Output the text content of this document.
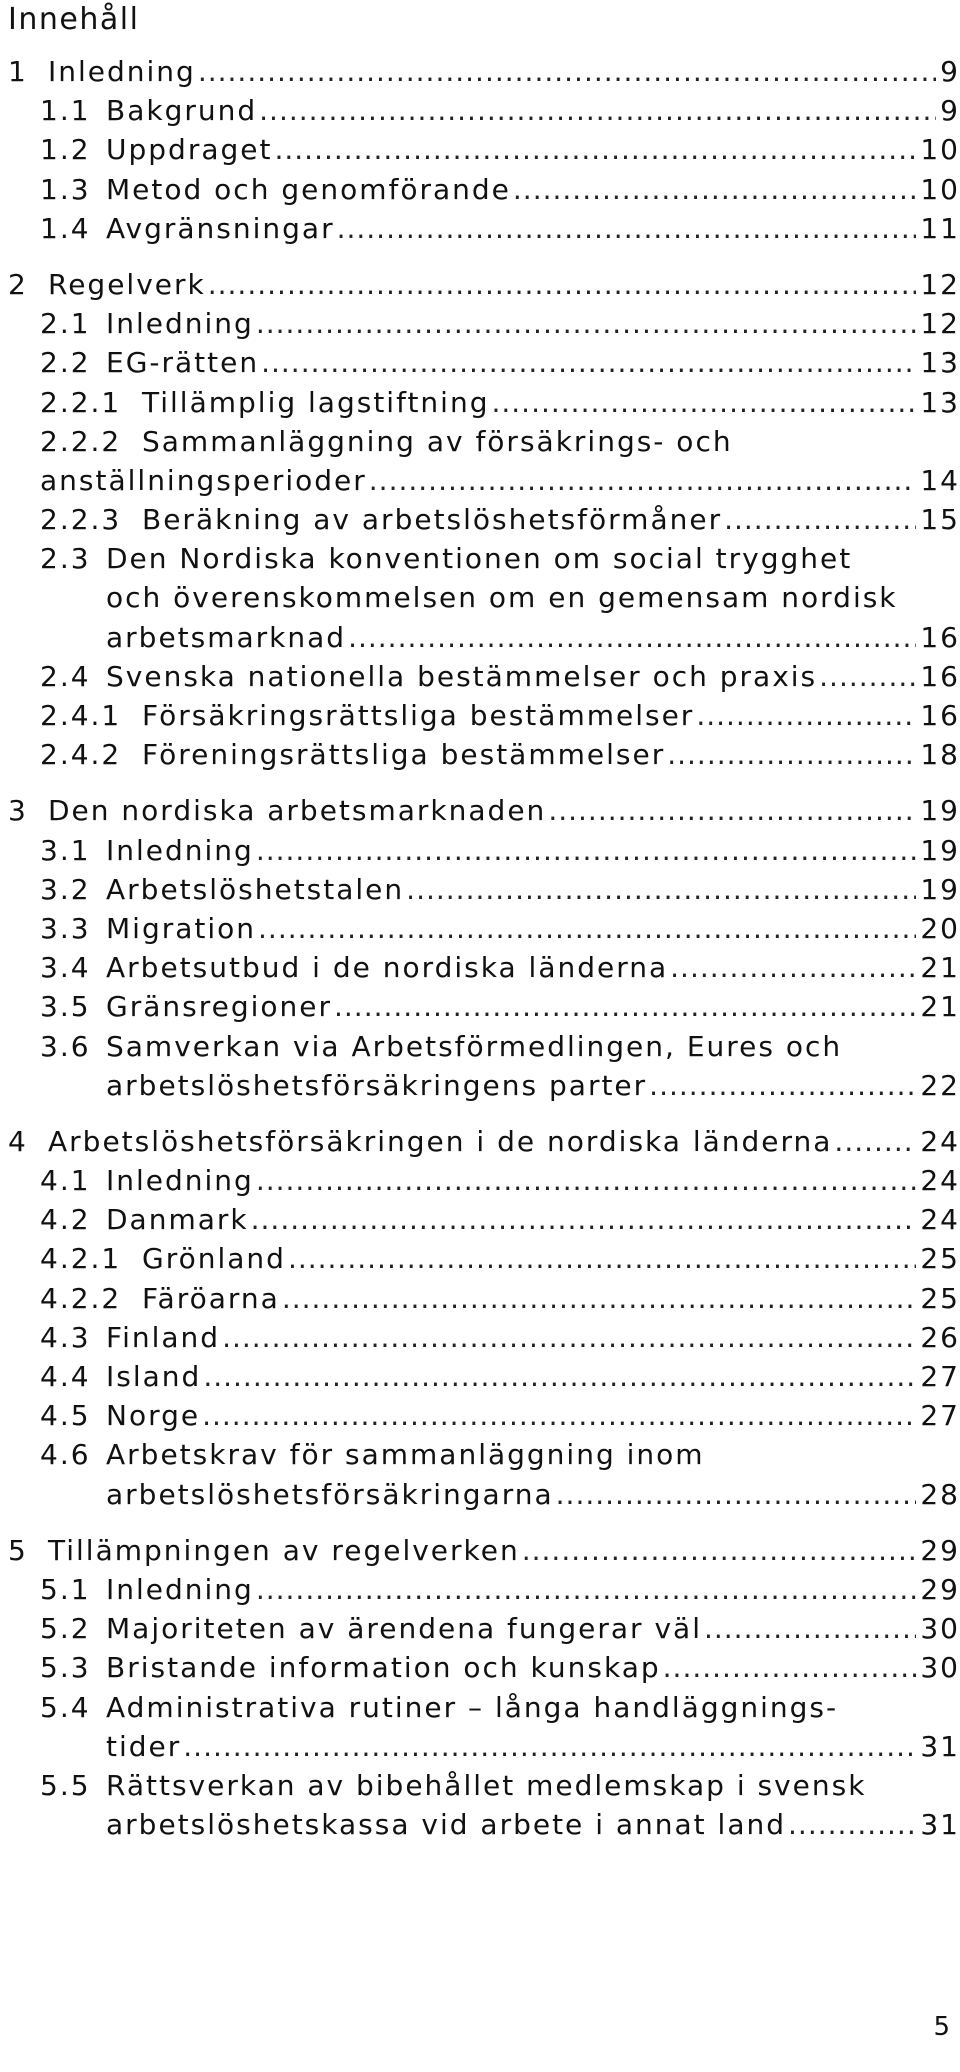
Innehåll
1 Inledning .....	9
1.1 Bakgrund .....	9
1.2 Uppdraget .....	10
1.3 Metod och genomförande .....	10
1.4 Avgränsningar .....	11
2 Regelverk .....	12
2.1 Inledning .....	12
2.2 EG-rätten .....	13
2.2.1 Tillämplig lagstiftning .....	13
2.2.2 Sammanläggning av försäkrings- och
anställningsperioder .....	14
2.2.3 Beräkning av arbetslöshetsförmåner .....	15
2.3 Den Nordiska konventionen om social trygghet
och överenskommelsen om en gemensam nordisk
arbetsmarknad .....	16
2.4 Svenska nationella bestämmelser och praxis .....	16
2.4.1 Försäkringsrättsliga bestämmelser .....	16
2.4.2 Föreningsrättsliga bestämmelser .....	18
3 Den nordiska arbetsmarknaden .....	19
3.1 Inledning .....	19
3.2 Arbetslöshetstalen .....	19
3.3 Migration .....	20
3.4 Arbetsutbud i de nordiska länderna .....	21
3.5 Gränsregioner .....	21
3.6 Samverkan via Arbetsförmedlingen, Eures och
arbetslöshetsförsäkringens parter .....	22
4 Arbetslöshetsförsäkringen i de nordiska länderna .....	24
4.1 Inledning .....	24
4.2 Danmark .....	24
4.2.1 Grönland .....	25
4.2.2 Färöarna .....	25
4.3 Finland .....	26
4.4 Island .....	27
4.5 Norge .....	27
4.6 Arbetskrav för sammanläggning inom
arbetslöshetsförsäkringarna .....	28
5 Tillämpningen av regelverken .....	29
5.1 Inledning .....	29
5.2 Majoriteten av ärendena fungerar väl .....	30
5.3 Bristande information och kunskap .....	30
5.4 Administrativa rutiner – långa handläggnings-
tider .....	31
5.5 Rättsverkan av bibehållet medlemskap i svensk
arbetslöshetskassa vid arbete i annat land .....	31
5
